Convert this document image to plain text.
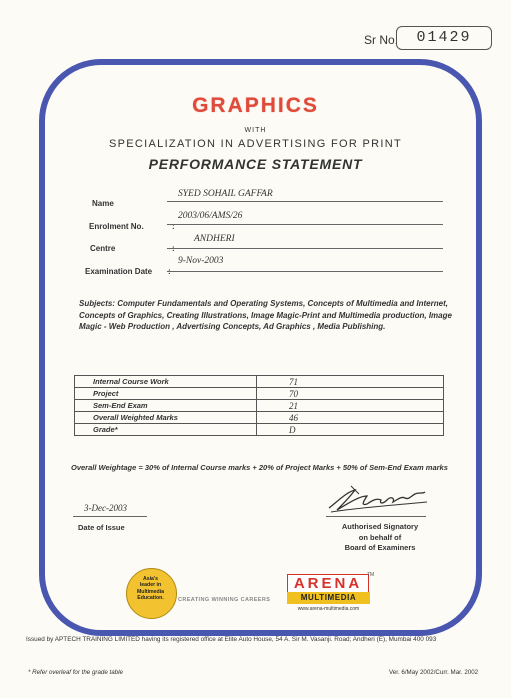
Sr No.	01429
GRAPHICS
WITH
SPECIALIZATION IN ADVERTISING FOR PRINT
PERFORMANCE STATEMENT
Name
SYED SOHAIL GAFFAR
Enrolment No.	:
2003/06/AMS/26
Centre	:
ANDHERI
Examination Date :
9-Nov-2003
Subjects: Computer Fundamentals and Operating Systems, Concepts of Multimedia and Internet, Concepts of Graphics, Creating Illustrations, Image Magic-Print and Multimedia production, Image Magic - Web Production , Advertising Concepts, Ad Graphics , Media Publishing.
Internal Course Work	71
Project	70
Sem-End Exam	21
Overall Weighted Marks	46
Grade*	D
Overall Weightage = 30% of Internal Course marks + 20% of Project Marks + 50% of Sem-End Exam marks
3-Dec-2003
Date of Issue	Authorised Signatory
on behalf of
Board of Examiners
Asia's
leader in
Multimedia
Education.	CREATING WINNING CAREERS
ARENA TM
MULTIMEDIA
www.arena-multimedia.com
Issued by APTECH TRAINING LIMITED having its registered office at Elite Auto House, 54 A. Sir M. Vasanji. Road; Andheri (E), Mumbai 400 093
* Refer overleaf for the grade table	Ver. 6/May 2002/Curr. Mar. 2002
